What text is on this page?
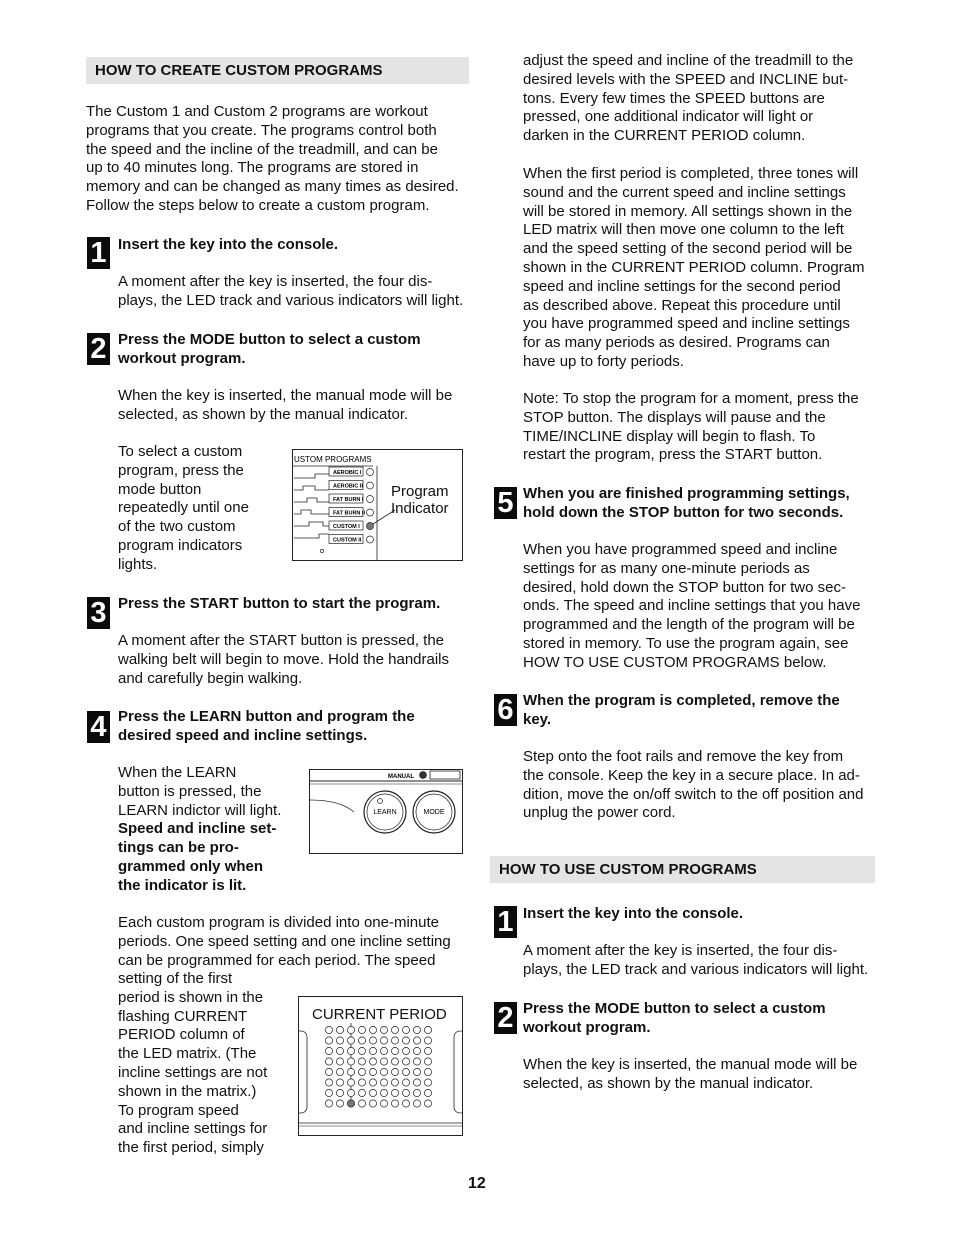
HOW TO CREATE CUSTOM PROGRAMS

The Custom 1 and Custom 2 programs are workout

programs that you create. The programs control both

the speed and the incline of the treadmill, and can be

up to 40 minutes long. The programs are stored in

memory and can be changed as many times as desired.

Follow the steps below to create a custom program.

1 Insert the key into the console.

A moment after the key is inserted, the four dis-

plays, the LED track and various indicators will light.

2 Press the MODE button to select a custom

workout program.

When the key is inserted, the manual mode will be

selected, as shown by the manual indicator.

To select a custom

program, press the

mode button

repeatedly until one

of the two custom

program indicators

lights.

USTOM PROGRAMS
AEROBIC I
AEROBIC II
FAT BURN I
FAT BURN II
CUSTOM I
CUSTOM II
Program
Indicator
3 Press the START button to start the program.

A moment after the START button is pressed, the

walking belt will begin to move. Hold the handrails

and carefully begin walking.

4 Press the LEARN button and program the

desired speed and incline settings.

When the LEARN

button is pressed, the

LEARN indictor will light.

Speed and incline set-

tings can be pro-

grammed only when

the indicator is lit.

MANUAL
LEARN	MODE

Each custom program is divided into one-minute

periods. One speed setting and one incline setting

can be programmed for each period. The speed

setting of the first

period is shown in the

flashing CURRENT

PERIOD column of

the LED matrix. (The

incline settings are not

shown in the matrix.)

To program speed

and incline settings for

the first period, simply

CURRENT PERIOD

adjust the speed and incline of the treadmill to the

desired levels with the SPEED and INCLINE but-

tons. Every few times the SPEED buttons are

pressed, one additional indicator will light or

darken in the CURRENT PERIOD column.

When the first period is completed, three tones will

sound and the current speed and incline settings

will be stored in memory. All settings shown in the

LED matrix will then move one column to the left

and the speed setting of the second period will be

shown in the CURRENT PERIOD column. Program

speed and incline settings for the second period

as described above. Repeat this procedure until

you have programmed speed and incline settings

for as many periods as desired. Programs can

have up to forty periods.

Note: To stop the program for a moment, press the

STOP button. The displays will pause and the

TIME/INCLINE display will begin to flash. To

restart the program, press the START button.

5 When you are finished programming settings,

hold down the STOP button for two seconds.

When you have programmed speed and incline

settings for as many one-minute periods as

desired, hold down the STOP button for two sec-

onds. The speed and incline settings that you have

programmed and the length of the program will be

stored in memory. To use the program again, see

HOW TO USE CUSTOM PROGRAMS below.

6 When the program is completed, remove the

key.

Step onto the foot rails and remove the key from

the console. Keep the key in a secure place. In ad-

dition, move the on/off switch to the off position and

unplug the power cord.

HOW TO USE CUSTOM PROGRAMS
1 Insert the key into the console.

A moment after the key is inserted, the four dis-

plays, the LED track and various indicators will light.

2 Press the MODE button to select a custom

workout program.

When the key is inserted, the manual mode will be

selected, as shown by the manual indicator.

12
